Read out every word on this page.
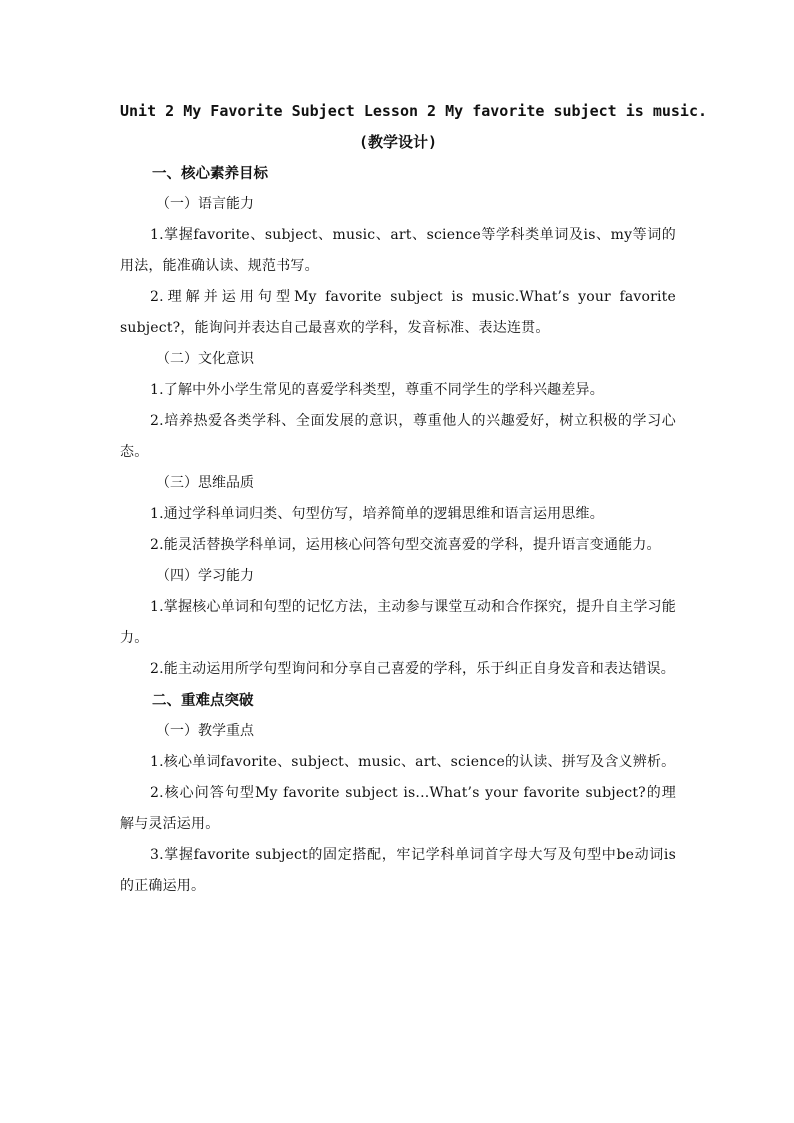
Unit 2 My Favorite Subject Lesson 2 My favorite subject is music.

(教学设计)

一、核心素养目标

（一）语言能力

1.掌握favorite、subject、music、art、science等学科类单词及is、my等词的用法，能准确认读、规范书写。

2.理解并运用句型My favorite subject is music.What’s your favorite subject?，能询问并表达自己最喜欢的学科，发音标准、表达连贯。

（二）文化意识

1.了解中外小学生常见的喜爱学科类型，尊重不同学生的学科兴趣差异。

2.培养热爱各类学科、全面发展的意识，尊重他人的兴趣爱好，树立积极的学习心态。

（三）思维品质

1.通过学科单词归类、句型仿写，培养简单的逻辑思维和语言运用思维。

2.能灵活替换学科单词，运用核心问答句型交流喜爱的学科，提升语言变通能力。

（四）学习能力

1.掌握核心单词和句型的记忆方法，主动参与课堂互动和合作探究，提升自主学习能力。

2.能主动运用所学句型询问和分享自己喜爱的学科，乐于纠正自身发音和表达错误。

二、重难点突破

（一）教学重点

1.核心单词favorite、subject、music、art、science的认读、拼写及含义辨析。

2.核心问答句型My favorite subject is...What’s your favorite subject?的理解与灵活运用。

3.掌握favorite subject的固定搭配，牢记学科单词首字母大写及句型中be动词is的正确运用。
